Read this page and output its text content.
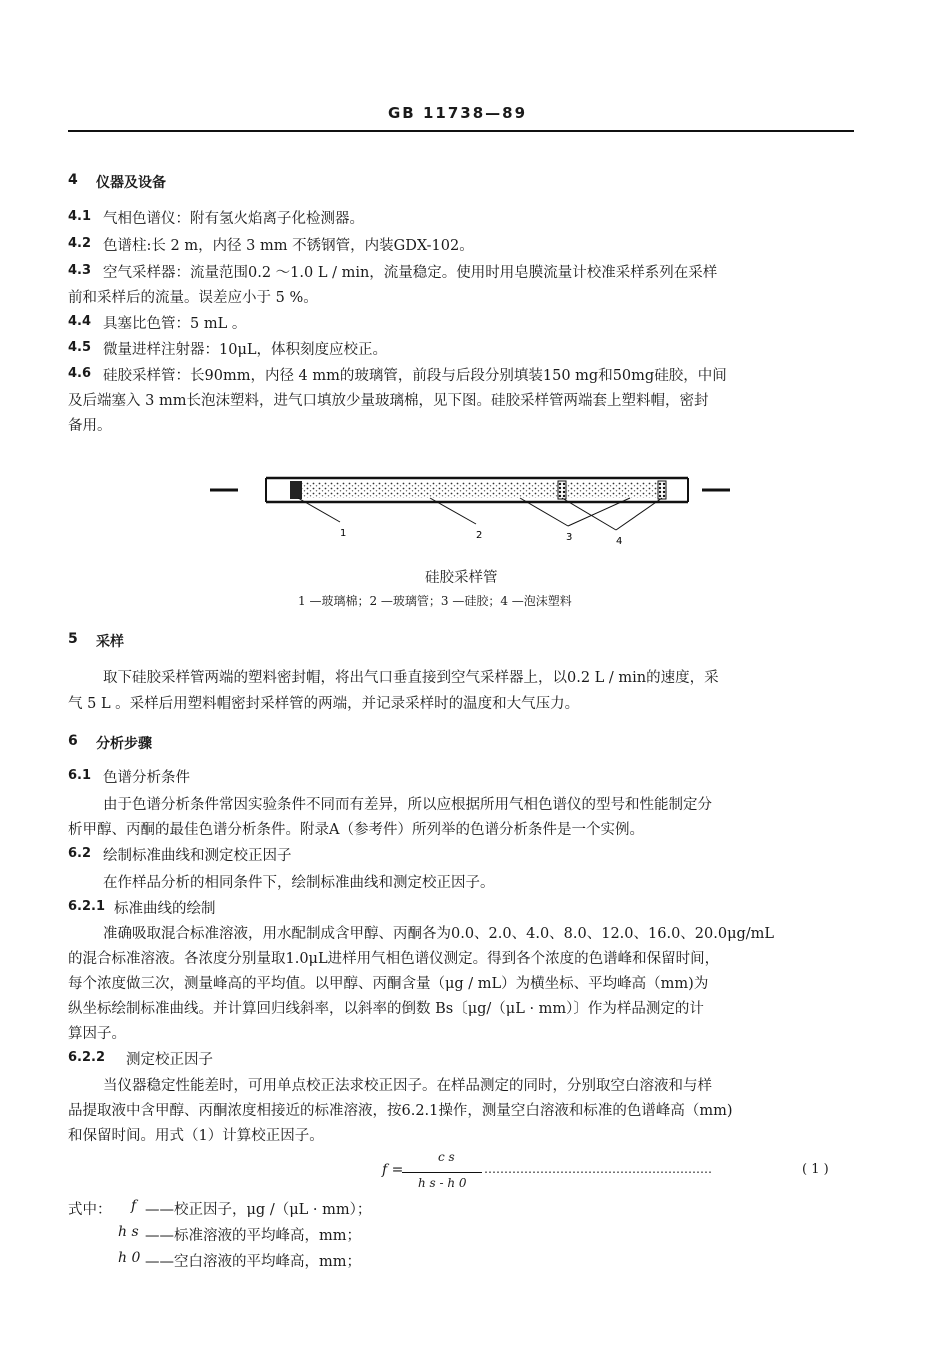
GB 11738—89
4 仪器及设备
4.1 气相色谱仪：附有氢火焰离子化检测器。
4.2 色谱柱:长 2 m，内径 3 mm 不锈钢管，内装GDX-102。
4.3 空气采样器：流量范围0.2 ～1.0 L / min，流量稳定。使用时用皂膜流量计校准采样系列在采样
前和采样后的流量。误差应小于 5 %。
4.4 具塞比色管：5 mL 。
4.5 微量进样注射器：10μL，体积刻度应校正。
4.6 硅胶采样管：长90mm，内径 4 mm的玻璃管，前段与后段分别填装150 mg和50mg硅胶，中间
及后端塞入 3 mm长泡沫塑料，进气口填放少量玻璃棉，见下图。硅胶采样管两端套上塑料帽，密封
备用。
1	2	3	4
硅胶采样管
1 —玻璃棉；2 —玻璃管；3 —硅胶；4 —泡沫塑料
5 采样
取下硅胶采样管两端的塑料密封帽，将出气口垂直接到空气采样器上，以0.2 L / min的速度，采
气 5 L 。采样后用塑料帽密封采样管的两端，并记录采样时的温度和大气压力。
6 分析步骤
6.1 色谱分析条件
由于色谱分析条件常因实验条件不同而有差异，所以应根据所用气相色谱仪的型号和性能制定分
析甲醇、丙酮的最佳色谱分析条件。附录A（参考件）所列举的色谱分析条件是一个实例。
6.2 绘制标准曲线和测定校正因子
在作样品分析的相同条件下，绘制标准曲线和测定校正因子。
6.2.1 标准曲线的绘制
准确吸取混合标准溶液，用水配制成含甲醇、丙酮各为0.0、2.0、4.0、8.0、12.0、16.0、20.0μg/mL
的混合标准溶液。各浓度分别量取1.0μL进样用气相色谱仪测定。得到各个浓度的色谱峰和保留时间，
每个浓度做三次，测量峰高的平均值。以甲醇、丙酮含量（μg / mL）为横坐标、平均峰高（mm)为
纵坐标绘制标准曲线。并计算回归线斜率，以斜率的倒数 Bs〔μg/（μL · mm）〕作为样品测定的计
算因子。
6.2.2 测定校正因子
当仪器稳定性能差时，可用单点校正法求校正因子。在样品测定的同时，分别取空白溶液和与样
品提取液中含甲醇、丙酮浓度相接近的标准溶液，按6.2.1操作，测量空白溶液和标准的色谱峰高（mm)
和保留时间。用式（1）计算校正因子。
f =
c s
h s - h 0
…………………………………………………	( 1 )
式中： f ——校正因子，μg /（μL · mm）；
h s ——标准溶液的平均峰高，mm；
h 0 ——空白溶液的平均峰高，mm；
